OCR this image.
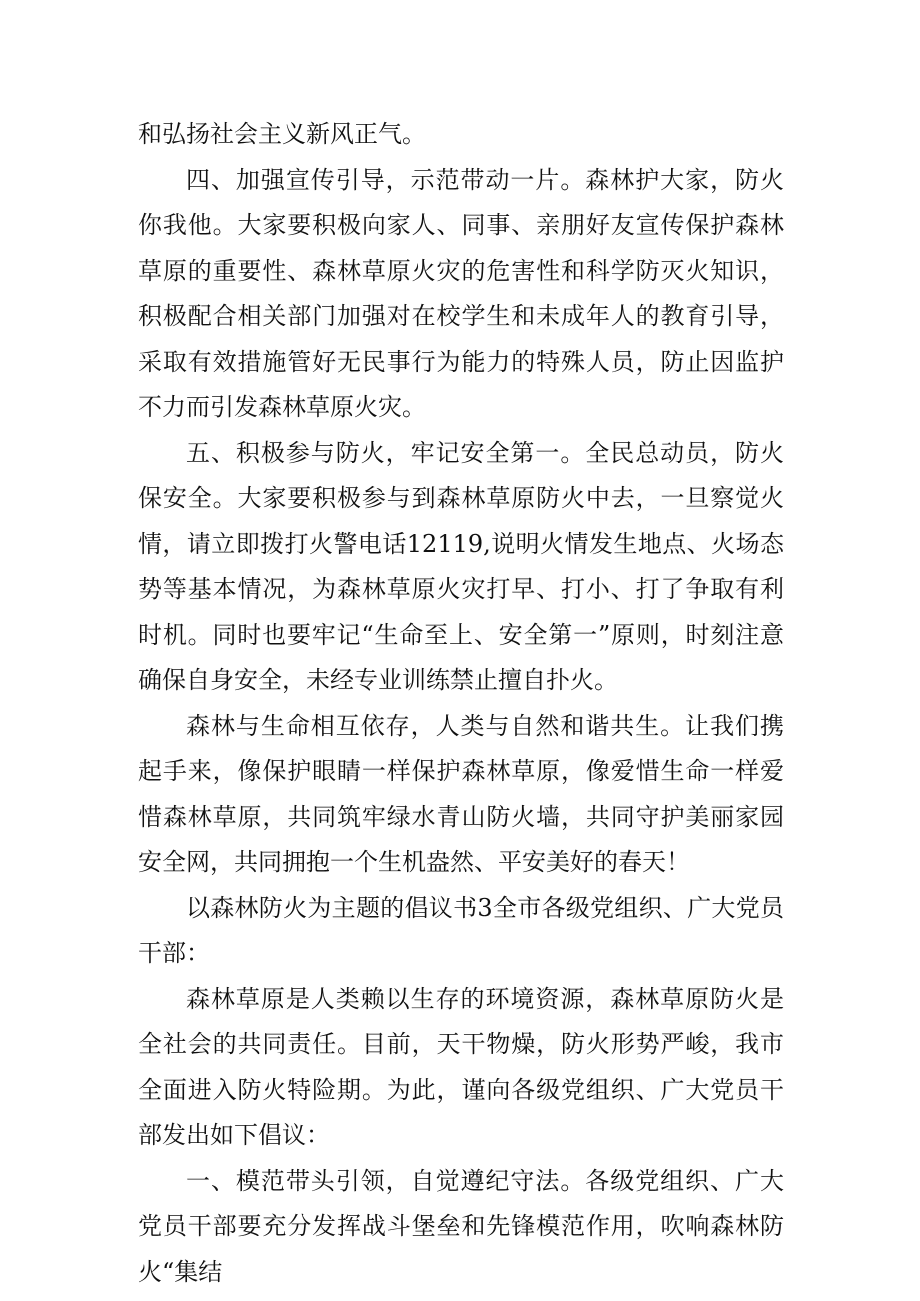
和弘扬社会主义新风正气。

四、加强宣传引导，示范带动一片。森林护大家，防火你我他。大家要积极向家人、同事、亲朋好友宣传保护森林草原的重要性、森林草原火灾的危害性和科学防灭火知识，积极配合相关部门加强对在校学生和未成年人的教育引导，采取有效措施管好无民事行为能力的特殊人员，防止因监护不力而引发森林草原火灾。

五、积极参与防火，牢记安全第一。全民总动员，防火保安全。大家要积极参与到森林草原防火中去，一旦察觉火情，请立即拨打火警电话12119,说明火情发生地点、火场态势等基本情况，为森林草原火灾打早、打小、打了争取有利时机。同时也要牢记“生命至上、安全第一”原则，时刻注意确保自身安全，未经专业训练禁止擅自扑火。

森林与生命相互依存，人类与自然和谐共生。让我们携起手来，像保护眼睛一样保护森林草原，像爱惜生命一样爱惜森林草原，共同筑牢绿水青山防火墙，共同守护美丽家园安全网，共同拥抱一个生机盎然、平安美好的春天！

以森林防火为主题的倡议书3全市各级党组织、广大党员干部：

森林草原是人类赖以生存的环境资源，森林草原防火是全社会的共同责任。目前，天干物燥，防火形势严峻，我市全面进入防火特险期。为此，谨向各级党组织、广大党员干部发出如下倡议：

一、模范带头引领，自觉遵纪守法。各级党组织、广大党员干部要充分发挥战斗堡垒和先锋模范作用，吹响森林防火“集结
